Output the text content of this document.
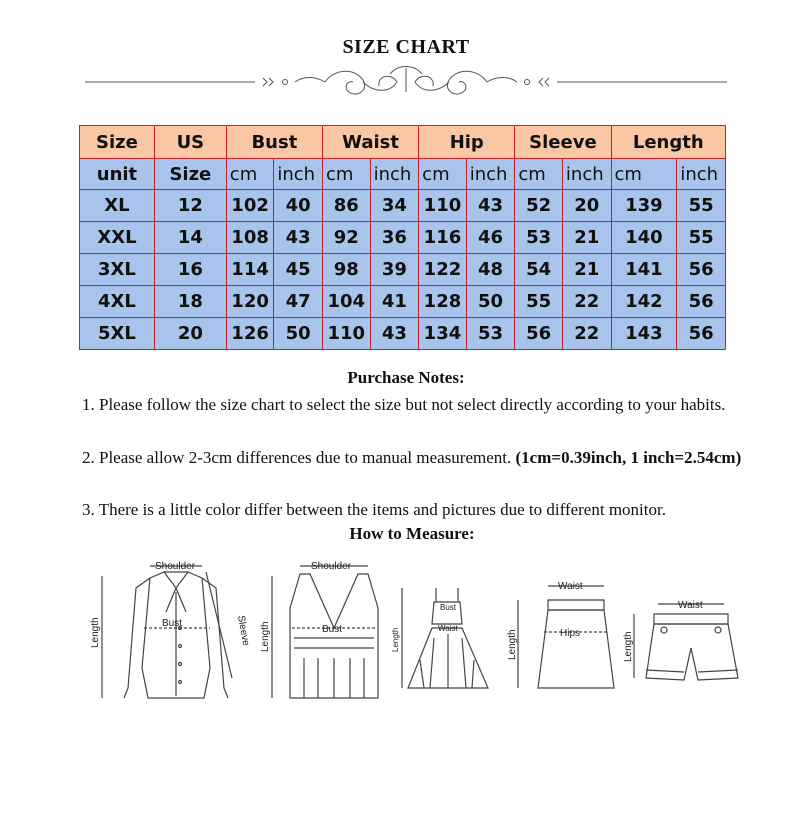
SIZE CHART
Size	US	Bust		Waist		Hip		Sleeve		Length	
unit	Size	cm	inch	cm	inch	cm	inch	cm	inch	cm	inch
XL	12	102	40	86	34	110	43	52	20	139	55
XXL	14	108	43	92	36	116	46	53	21	140	55
3XL	16	114	45	98	39	122	48	54	21	141	56
4XL	18	120	47	104	41	128	50	55	22	142	56
5XL	20	126	50	110	43	134	53	56	22	143	56
Purchase Notes:
1. Please follow the size chart to select the size but not select directly according to your habits.
2. Please allow 2-3cm differences due to manual measurement. (1cm=0.39inch, 1 inch=2.54cm)
3. There is a little color differ between the items and pictures due to different monitor.
How to Measure:
Shoulder
Bust	Sleeve
Length
Shoulder
Bust
Length
Bust
Waist
Length
Waist
Hips
Length
Waist
Length
